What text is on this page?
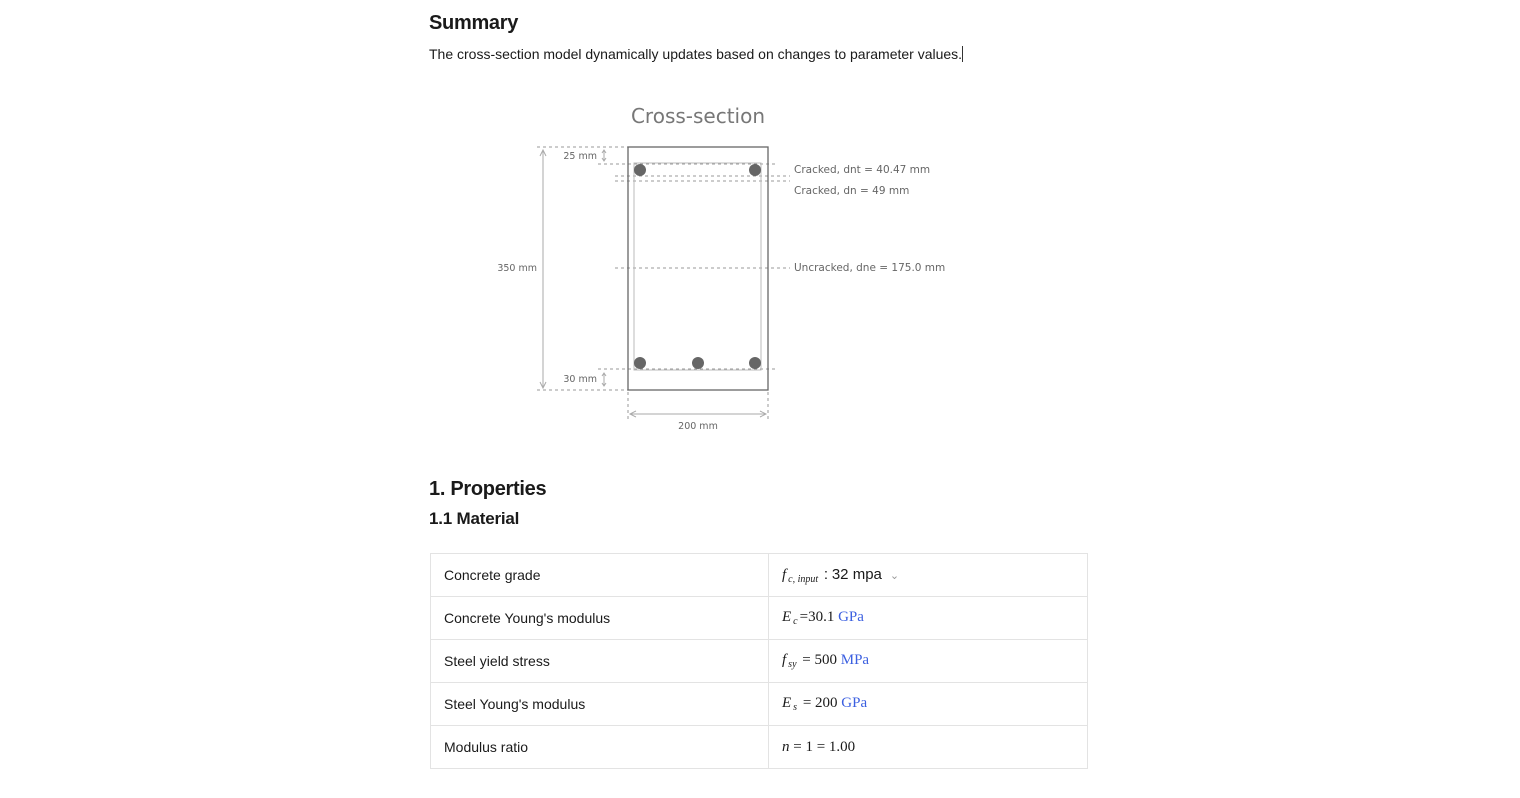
Summary
The cross-section model dynamically updates based on changes to parameter values.
Cross-section
25 mm
30 mm
350 mm
200 mm
Cracked, dnt = 40.47 mm
Cracked, dn = 49 mm
Uncracked, dne = 175.0 mm
1. Properties
1.1 Material
Concrete grade	f $_{c, input}$ : 32 mpa ⌄
Concrete Young's modulus	E $_c$ =30.1 GPa
Steel yield stress	f $_{sy}$ = 500 MPa
Steel Young's modulus	E $_s$ = 200 GPa
Modulus ratio	n = 1 = 1.00
